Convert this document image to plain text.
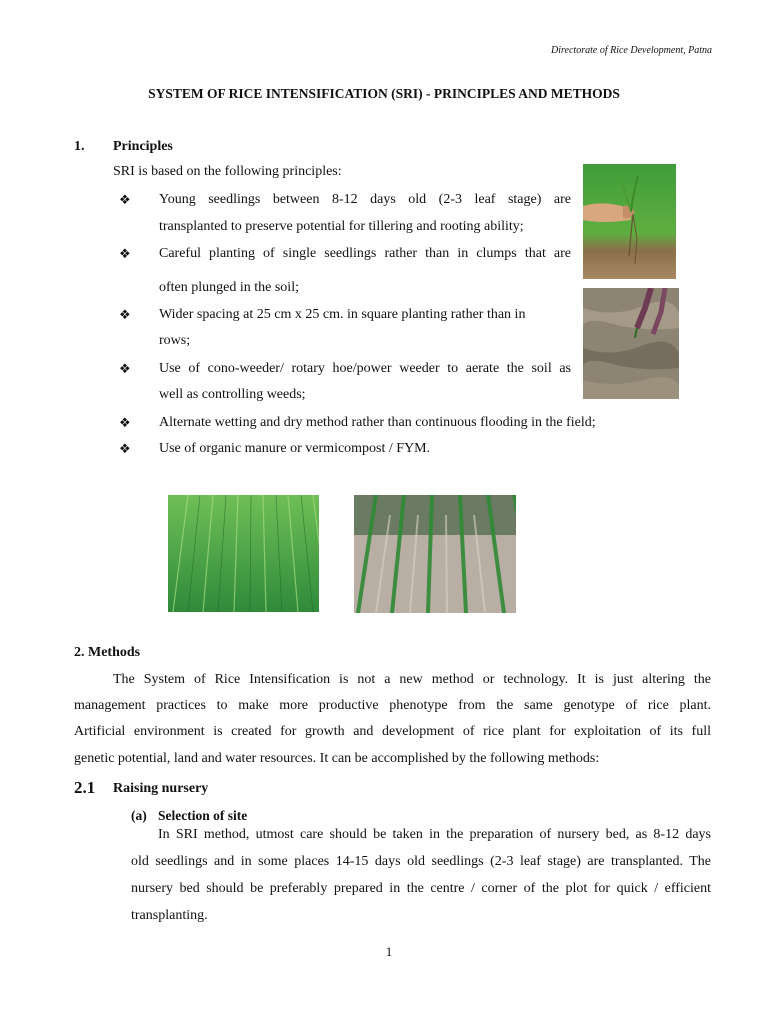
Directorate of Rice Development, Patna
SYSTEM OF RICE INTENSIFICATION (SRI) - PRINCIPLES AND METHODS
1. Principles
SRI is based on the following principles:
❖ Young seedlings between 8-12 days old (2-3 leaf stage) are
transplanted to preserve potential for tillering and rooting ability;
❖ Careful planting of single seedlings rather than in clumps that are
often plunged in the soil;
❖ Wider spacing at 25 cm x 25 cm. in square planting rather than in
rows;
❖ Use of cono-weeder/ rotary hoe/power weeder to aerate the soil as
well as controlling weeds;
❖ Alternate wetting and dry method rather than continuous flooding in the field;
❖ Use of organic manure or vermicompost / FYM.
2. Methods
The System of Rice Intensification is not a new method or technology. It is just altering the
management practices to make more productive phenotype from the same genotype of rice plant.
Artificial environment is created for growth and development of rice plant for exploitation of its full
genetic potential, land and water resources. It can be accomplished by the following methods:
2.1 Raising nursery
(a) Selection of site
In SRI method, utmost care should be taken in the preparation of nursery bed, as 8-12 days
old seedlings and in some places 14-15 days old seedlings (2-3 leaf stage) are transplanted. The
nursery bed should be preferably prepared in the centre / corner of the plot for quick / efficient
transplanting.
1
